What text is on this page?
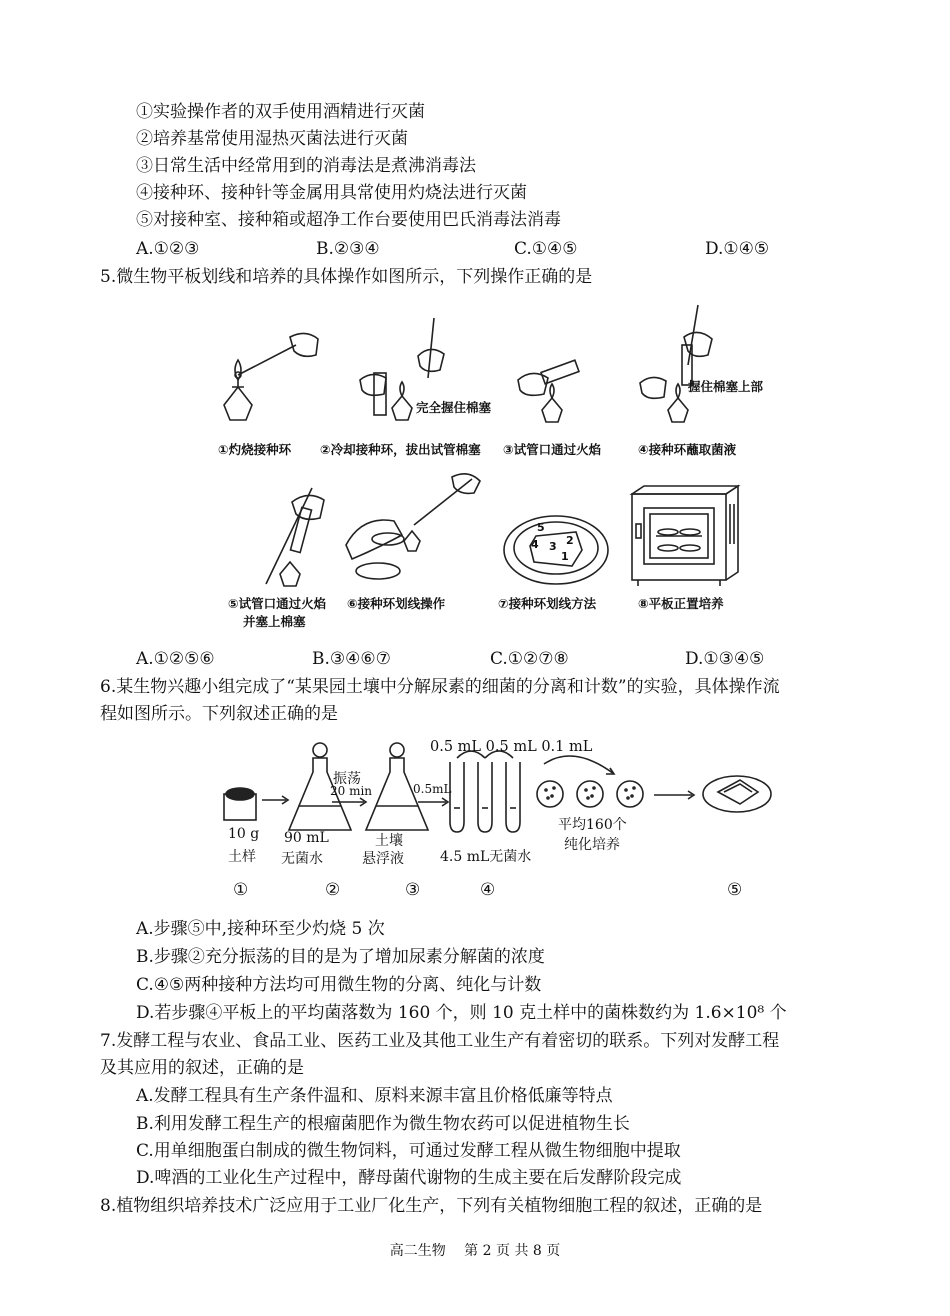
①实验操作者的双手使用酒精进行灭菌
②培养基常使用湿热灭菌法进行灭菌
③日常生活中经常用到的消毒法是煮沸消毒法
④接种环、接种针等金属用具常使用灼烧法进行灭菌
⑤对接种室、接种箱或超净工作台要使用巴氏消毒法消毒
A.①②③	B.②③④	C.①④⑤	D.①④⑤
5.微生物平板划线和培养的具体操作如图所示，下列操作正确的是
完全握住棉塞
握住棉塞上部
①灼烧接种环 ②冷却接种环，拔出试管棉塞 ③试管口通过火焰	④接种环蘸取菌液
5
4 3 2
1
⑤试管口通过火焰
并塞上棉塞
⑥接种环划线操作	⑦接种环划线方法	⑧平板正置培养
A.①②⑤⑥	B.③④⑥⑦	C.①②⑦⑧	D.①③④⑤
6.某生物兴趣小组完成了“某果园土壤中分解尿素的细菌的分离和计数”的实验，具体操作流
程如图所示。下列叙述正确的是
0.5 mL 0.5 mL 0.1 mL
振荡
20 min	0.5mL
10 g
土样
90 mL
无菌水
土壤
悬浮液	4.5 mL无菌水
平均160个
纯化培养
①	②	③	④	⑤
A.步骤⑤中,接种环至少灼烧 5 次
B.步骤②充分振荡的目的是为了增加尿素分解菌的浓度
C.④⑤两种接种方法均可用微生物的分离、纯化与计数
D.若步骤④平板上的平均菌落数为 160 个，则 10 克土样中的菌株数约为 1.6×10⁸ 个
7.发酵工程与农业、食品工业、医药工业及其他工业生产有着密切的联系。下列对发酵工程
及其应用的叙述，正确的是
A.发酵工程具有生产条件温和、原料来源丰富且价格低廉等特点
B.利用发酵工程生产的根瘤菌肥作为微生物农药可以促进植物生长
C.用单细胞蛋白制成的微生物饲料，可通过发酵工程从微生物细胞中提取
D.啤酒的工业化生产过程中，酵母菌代谢物的生成主要在后发酵阶段完成
8.植物组织培养技术广泛应用于工业厂化生产，下列有关植物细胞工程的叙述，正确的是
高二生物　 第 2 页 共 8 页
